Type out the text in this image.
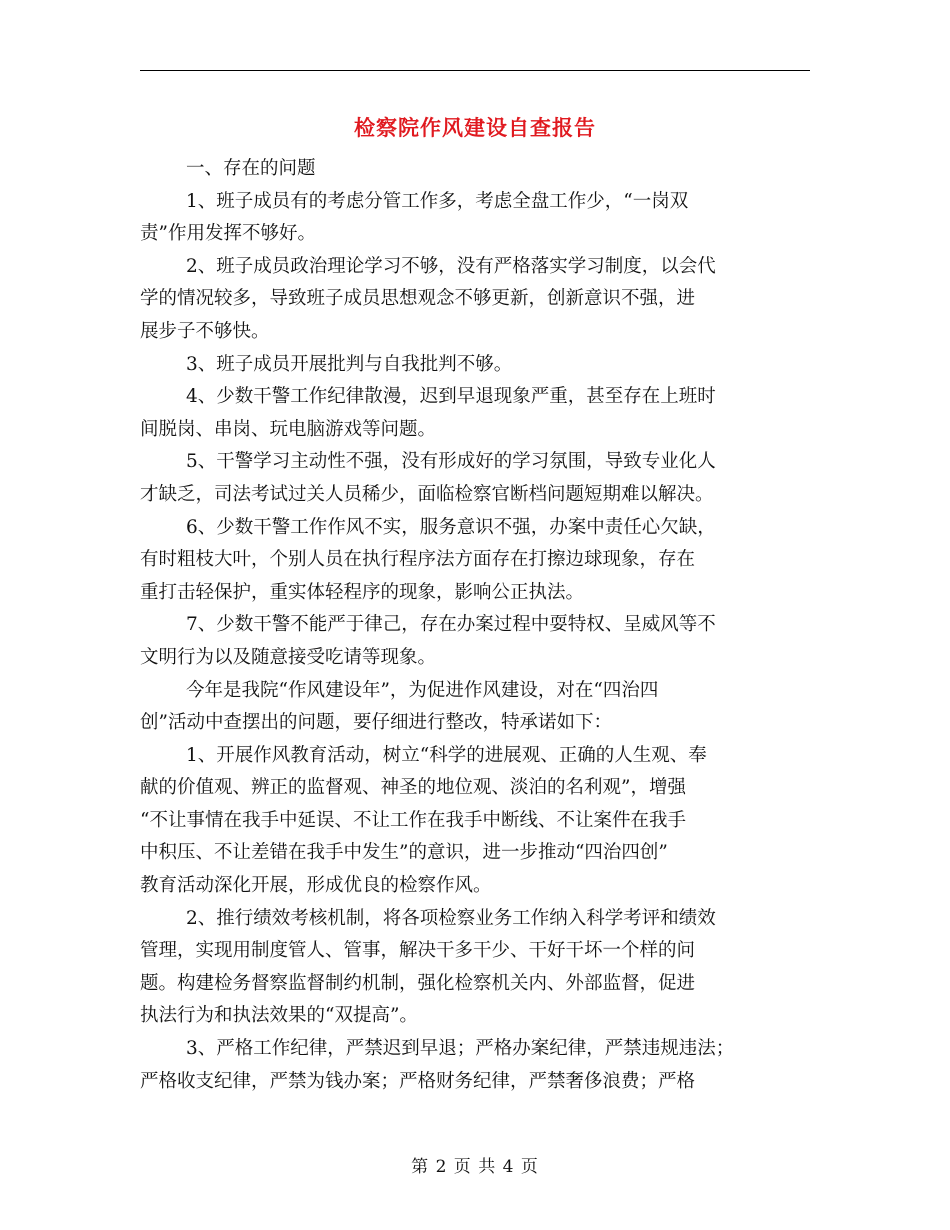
检察院作风建设自查报告
一、存在的问题
1、班子成员有的考虑分管工作多，考虑全盘工作少，“一岗双
责”作用发挥不够好。
2、班子成员政治理论学习不够，没有严格落实学习制度，以会代
学的情况较多，导致班子成员思想观念不够更新，创新意识不强，进
展步子不够快。
3、班子成员开展批判与自我批判不够。
4、少数干警工作纪律散漫，迟到早退现象严重，甚至存在上班时
间脱岗、串岗、玩电脑游戏等问题。
5、干警学习主动性不强，没有形成好的学习氛围，导致专业化人
才缺乏，司法考试过关人员稀少，面临检察官断档问题短期难以解决。
6、少数干警工作作风不实，服务意识不强，办案中责任心欠缺，
有时粗枝大叶，个别人员在执行程序法方面存在打擦边球现象，存在
重打击轻保护，重实体轻程序的现象，影响公正执法。
7、少数干警不能严于律己，存在办案过程中耍特权、呈威风等不
文明行为以及随意接受吃请等现象。
今年是我院“作风建设年”，为促进作风建设，对在“四治四
创”活动中查摆出的问题，要仔细进行整改，特承诺如下：
1、开展作风教育活动，树立“科学的进展观、正确的人生观、奉
献的价值观、辨正的监督观、神圣的地位观、淡泊的名利观”，增强
“不让事情在我手中延误、不让工作在我手中断线、不让案件在我手
中积压、不让差错在我手中发生”的意识，进一步推动“四治四创”
教育活动深化开展，形成优良的检察作风。
2、推行绩效考核机制，将各项检察业务工作纳入科学考评和绩效
管理，实现用制度管人、管事，解决干多干少、干好干坏一个样的问
题。构建检务督察监督制约机制，强化检察机关内、外部监督，促进
执法行为和执法效果的“双提高”。
3、严格工作纪律，严禁迟到早退；严格办案纪律，严禁违规违法；
严格收支纪律，严禁为钱办案；严格财务纪律，严禁奢侈浪费；严格
第 2 页 共 4 页
